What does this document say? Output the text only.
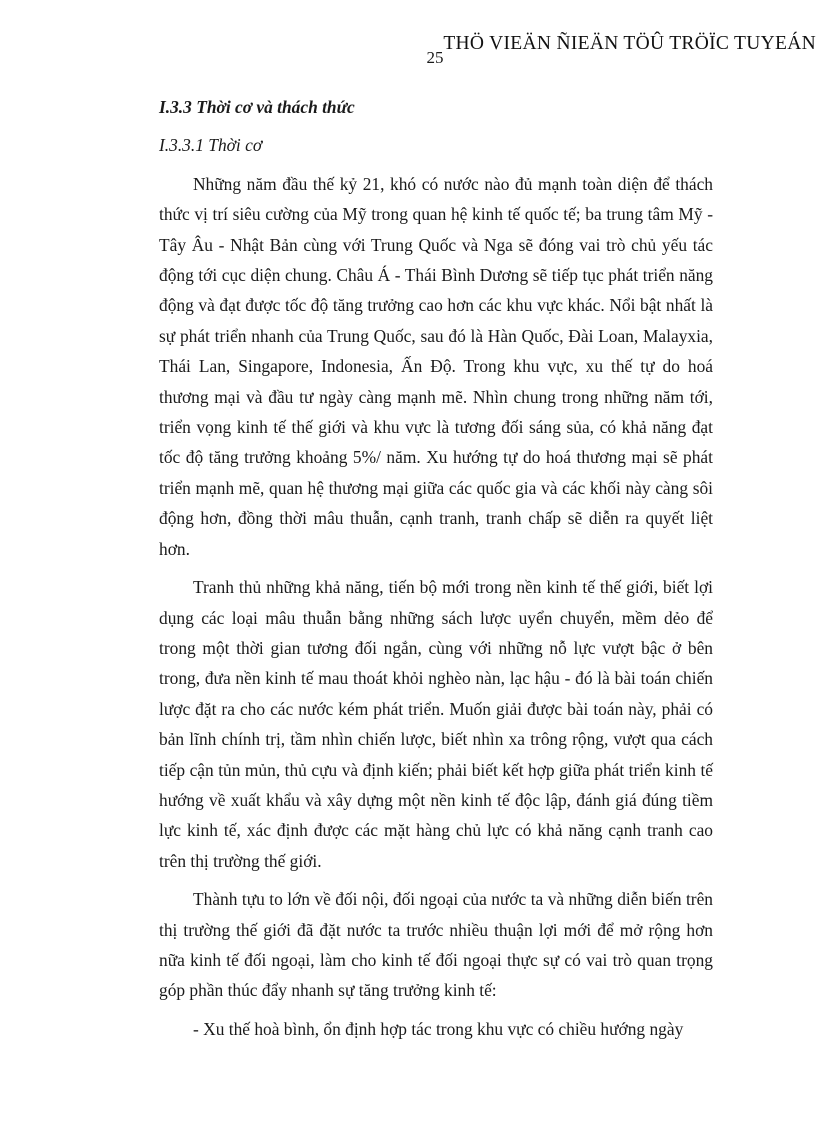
THÖ VIEÄN ÑIEÄN TÖÛ TRÖÏC TUYEÁN
25

I.3.3 Thời cơ và thách thức

I.3.3.1 Thời cơ

Những năm đầu thế kỷ 21, khó có nước nào đủ mạnh toàn diện để thách thức vị trí siêu cường của Mỹ trong quan hệ kinh tế quốc tế; ba trung tâm Mỹ - Tây Âu - Nhật Bản cùng với Trung Quốc và Nga sẽ đóng vai trò chủ yếu tác động tới cục diện chung. Châu Á - Thái Bình Dương sẽ tiếp tục phát triển năng động và đạt được tốc độ tăng trưởng cao hơn các khu vực khác. Nổi bật nhất là sự phát triển nhanh của Trung Quốc, sau đó là Hàn Quốc, Đài Loan, Malayxia, Thái Lan, Singapore, Indonesia, Ấn Độ. Trong khu vực, xu thế tự do hoá thương mại và đầu tư ngày càng mạnh mẽ. Nhìn chung trong những năm tới, triển vọng kinh tế thế giới và khu vực là tương đối sáng sủa, có khả năng đạt tốc độ tăng trưởng khoảng 5%/ năm. Xu hướng tự do hoá thương mại sẽ phát triển mạnh mẽ, quan hệ thương mại giữa các quốc gia và các khối này càng sôi động hơn, đồng thời mâu thuẫn, cạnh tranh, tranh chấp sẽ diễn ra quyết liệt hơn.

Tranh thủ những khả năng, tiến bộ mới trong nền kinh tế thế giới, biết lợi dụng các loại mâu thuẫn bằng những sách lược uyển chuyển, mềm dẻo để trong một thời gian tương đối ngắn, cùng với những nỗ lực vượt bậc ở bên trong, đưa nền kinh tế mau thoát khỏi nghèo nàn, lạc hậu - đó là bài toán chiến lược đặt ra cho các nước kém phát triển. Muốn giải được bài toán này, phải có bản lĩnh chính trị, tầm nhìn chiến lược, biết nhìn xa trông rộng, vượt qua cách tiếp cận tủn mủn, thủ cựu và định kiến; phải biết kết hợp giữa phát triển kinh tế hướng về xuất khẩu và xây dựng một nền kinh tế độc lập, đánh giá đúng tiềm lực kinh tế, xác định được các mặt hàng chủ lực có khả năng cạnh tranh cao trên thị trường thế giới.

Thành tựu to lớn về đối nội, đối ngoại của nước ta và những diễn biến trên thị trường thế giới đã đặt nước ta trước nhiều thuận lợi mới để mở rộng hơn nữa kinh tế đối ngoại, làm cho kinh tế đối ngoại thực sự có vai trò quan trọng góp phần thúc đẩy nhanh sự tăng trưởng kinh tế:

- Xu thế hoà bình, ổn định hợp tác trong khu vực có chiều hướng ngày
